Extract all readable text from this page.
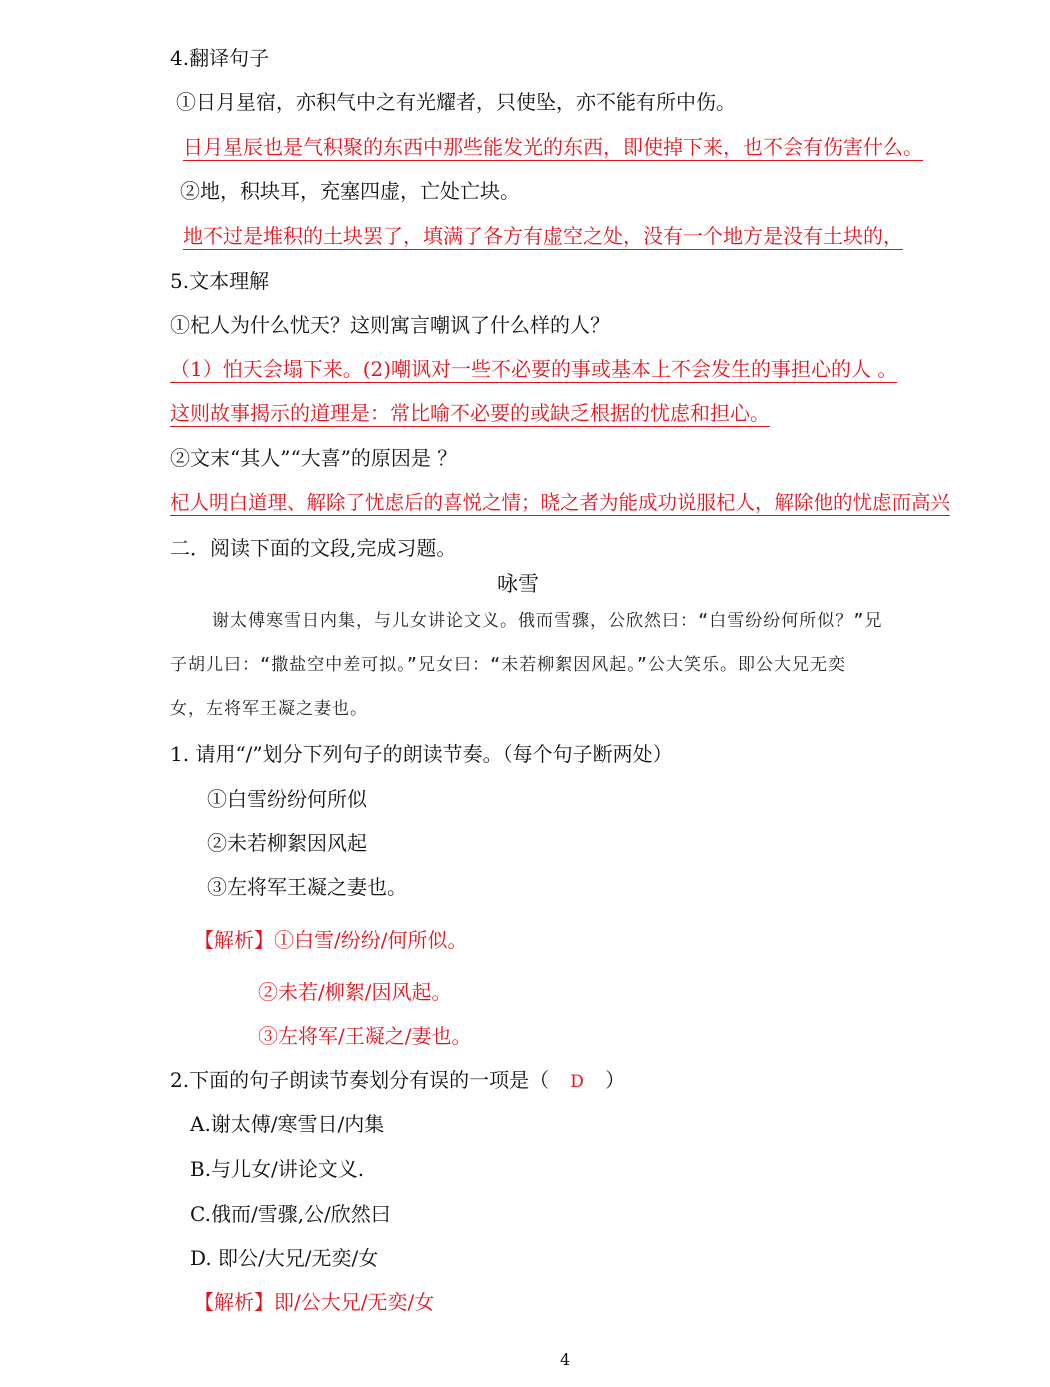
4.翻译句子
①日月星宿，亦积气中之有光耀者，只使坠，亦不能有所中伤。
日月星辰也是气积聚的东西中那些能发光的东西，即使掉下来，也不会有伤害什么。
②地，积块耳，充塞四虚，亡处亡块。
地不过是堆积的土块罢了，填满了各方有虚空之处，没有一个地方是没有土块的，
5.文本理解
①杞人为什么忧天？这则寓言嘲讽了什么样的人？
（1）怕天会塌下来。(2)嘲讽对一些不必要的事或基本上不会发生的事担心的人 。
这则故事揭示的道理是：常比喻不必要的或缺乏根据的忧虑和担心。
②文末“其人”“大喜”的原因是 ？
杞人明白道理、解除了忧虑后的喜悦之情；晓之者为能成功说服杞人，解除他的忧虑而高兴
二．阅读下面的文段,完成习题。
咏雪
谢太傅寒雪日内集，与儿女讲论文义。俄而雪骤，公欣然曰：“白雪纷纷何所似？”兄
子胡儿曰：“撒盐空中差可拟。”兄女曰：“未若柳絮因风起。”公大笑乐。即公大兄无奕
女，左将军王凝之妻也。
1. 请用“/”划分下列句子的朗读节奏。（每个句子断两处）
①白雪纷纷何所似
②未若柳絮因风起
③左将军王凝之妻也。
【解析】①白雪/纷纷/何所似。
②未若/柳絮/因风起。
③左将军/王凝之/妻也。
2.下面的句子朗读节奏划分有误的一项是（ D ）
A.谢太傅/寒雪日/内集
B.与儿女/讲论文义.
C.俄而/雪骤,公/欣然曰
D. 即公/大兄/无奕/女
【解析】即/公大兄/无奕/女
4
